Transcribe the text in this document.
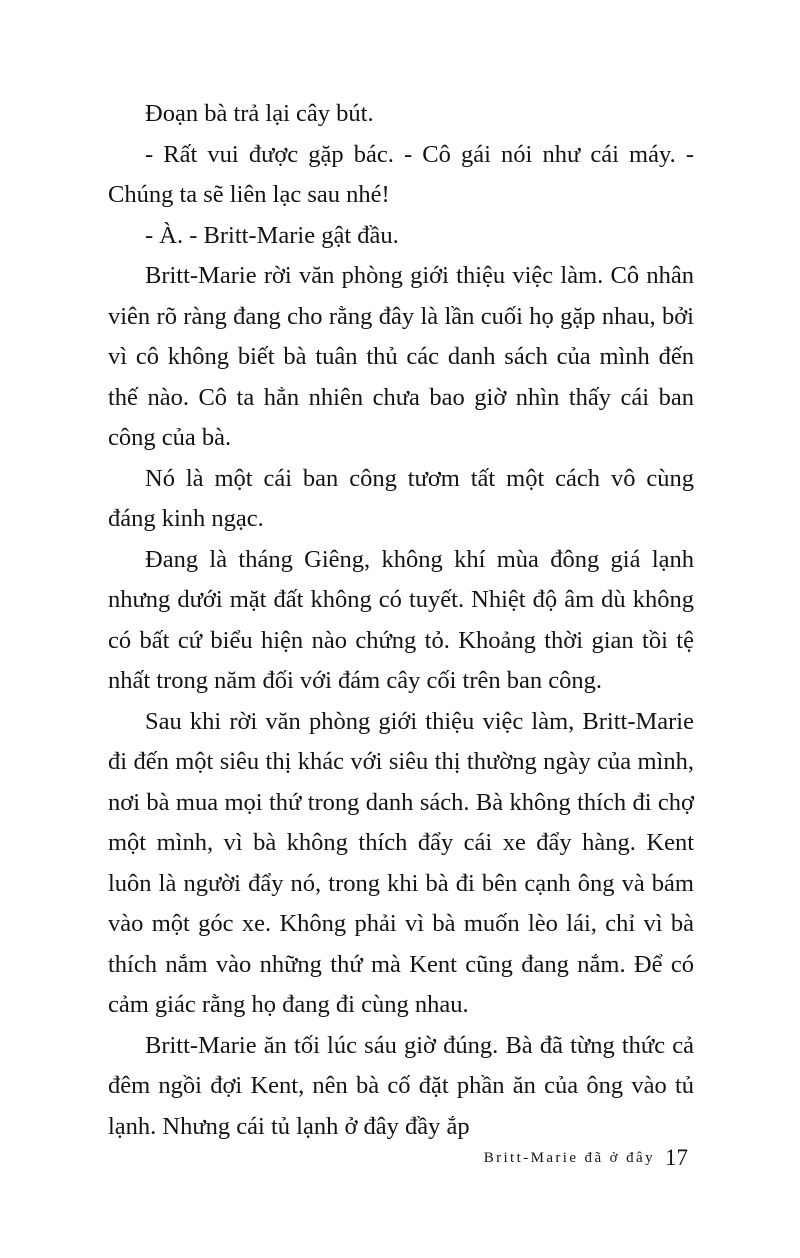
Đoạn bà trả lại cây bút.

- Rất vui được gặp bác. - Cô gái nói như cái máy. - Chúng ta sẽ liên lạc sau nhé!

- À. - Britt-Marie gật đầu.

Britt-Marie rời văn phòng giới thiệu việc làm. Cô nhân viên rõ ràng đang cho rằng đây là lần cuối họ gặp nhau, bởi vì cô không biết bà tuân thủ các danh sách của mình đến thế nào. Cô ta hẳn nhiên chưa bao giờ nhìn thấy cái ban công của bà.

Nó là một cái ban công tươm tất một cách vô cùng đáng kinh ngạc.

Đang là tháng Giêng, không khí mùa đông giá lạnh nhưng dưới mặt đất không có tuyết. Nhiệt độ âm dù không có bất cứ biểu hiện nào chứng tỏ. Khoảng thời gian tồi tệ nhất trong năm đối với đám cây cối trên ban công.

Sau khi rời văn phòng giới thiệu việc làm, Britt-Marie đi đến một siêu thị khác với siêu thị thường ngày của mình, nơi bà mua mọi thứ trong danh sách. Bà không thích đi chợ một mình, vì bà không thích đẩy cái xe đẩy hàng. Kent luôn là người đẩy nó, trong khi bà đi bên cạnh ông và bám vào một góc xe. Không phải vì bà muốn lèo lái, chỉ vì bà thích nắm vào những thứ mà Kent cũng đang nắm. Để có cảm giác rằng họ đang đi cùng nhau.

Britt-Marie ăn tối lúc sáu giờ đúng. Bà đã từng thức cả đêm ngồi đợi Kent, nên bà cố đặt phần ăn của ông vào tủ lạnh. Nhưng cái tủ lạnh ở đây đầy ắp

Britt-Marie đã ở đây 17
